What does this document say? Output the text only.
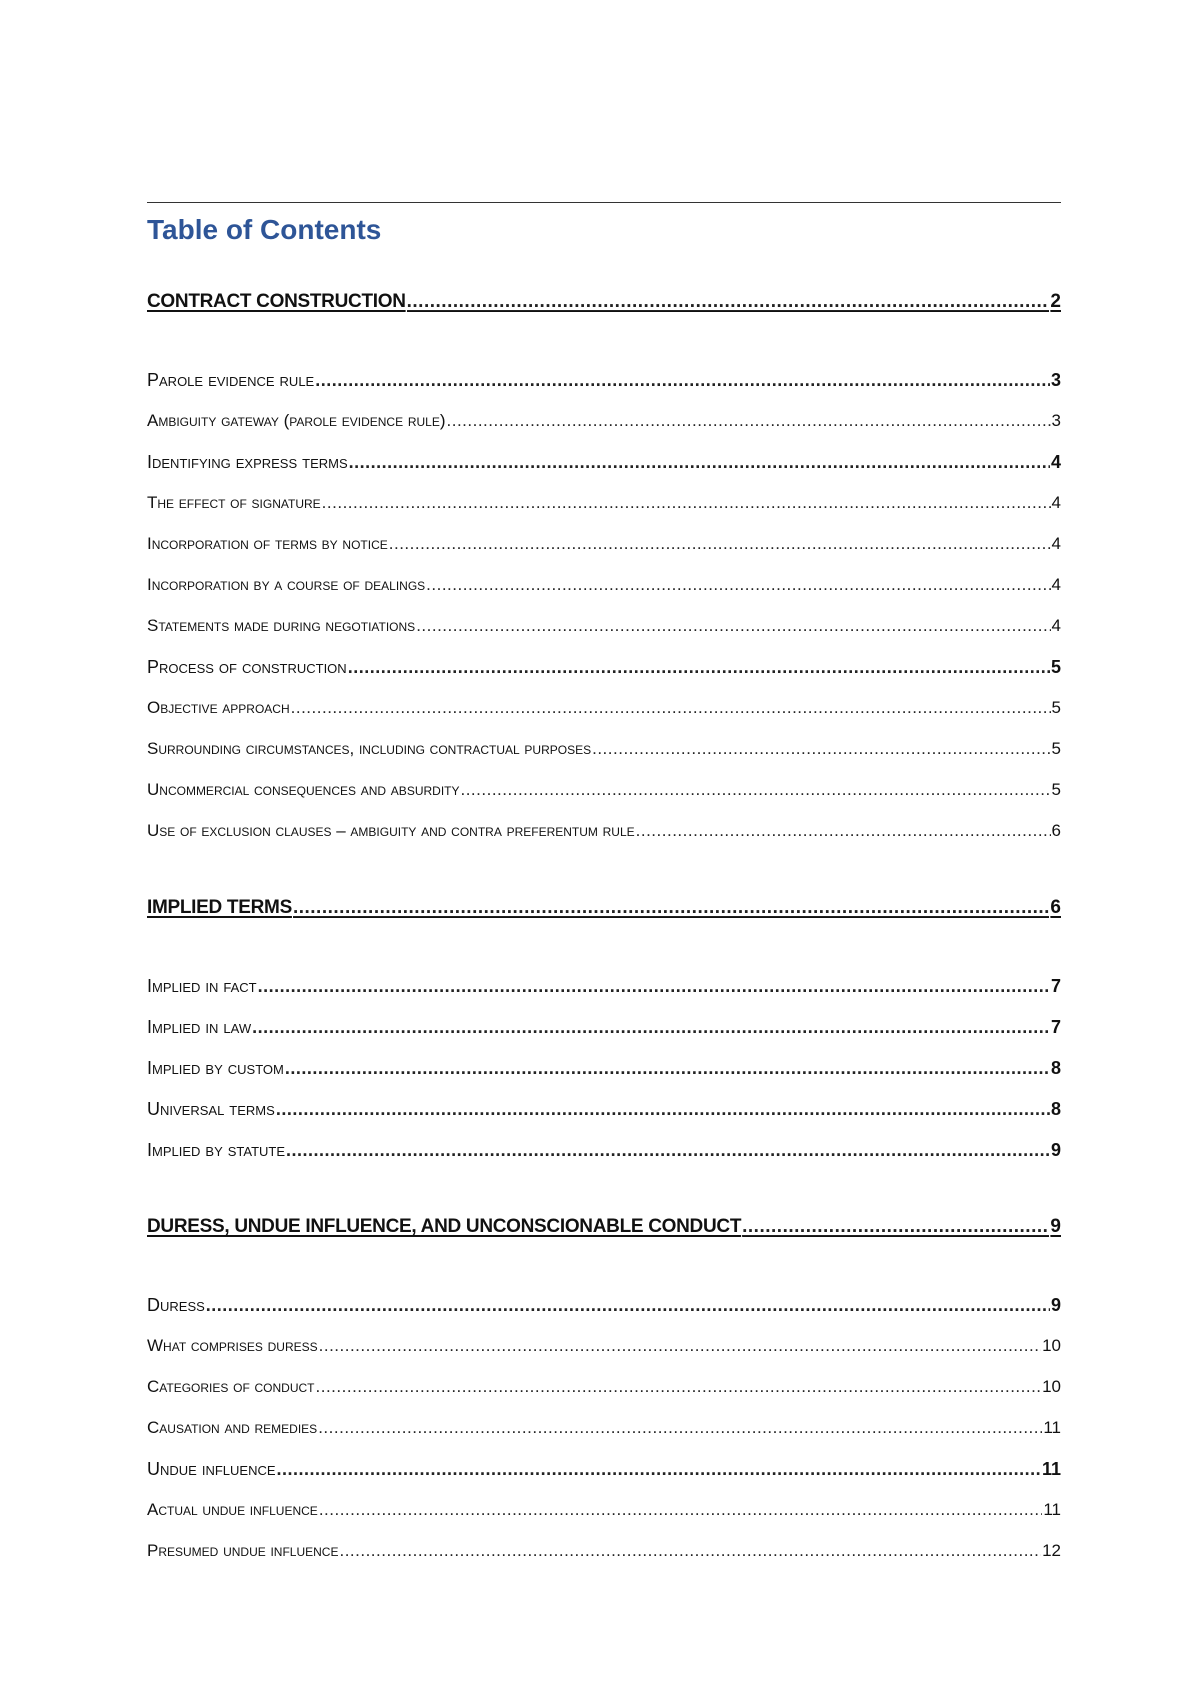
Table of Contents
CONTRACT CONSTRUCTION .....	2
Parole evidence rule .....	3
Ambiguity gateway (parole evidence rule) .....	3
Identifying express terms .....	4
The effect of signature .....	4
Incorporation of terms by notice .....	4
Incorporation by a course of dealings .....	4
Statements made during negotiations .....	4
Process of construction .....	5
Objective approach .....	5
Surrounding circumstances, including contractual purposes .....	5
Uncommercial consequences and absurdity .....	5
Use of exclusion clauses – ambiguity and contra preferentum rule .....	6
IMPLIED TERMS .....	6
Implied in fact .....	7
Implied in law .....	7
Implied by custom .....	8
Universal terms .....	8
Implied by statute .....	9
DURESS, UNDUE INFLUENCE, AND UNCONSCIONABLE CONDUCT .....	9
Duress .....	9
What comprises duress .....	10
Categories of conduct .....	10
Causation and remedies .....	11
Undue influence .....	11
Actual undue influence .....	11
Presumed undue influence .....	12
